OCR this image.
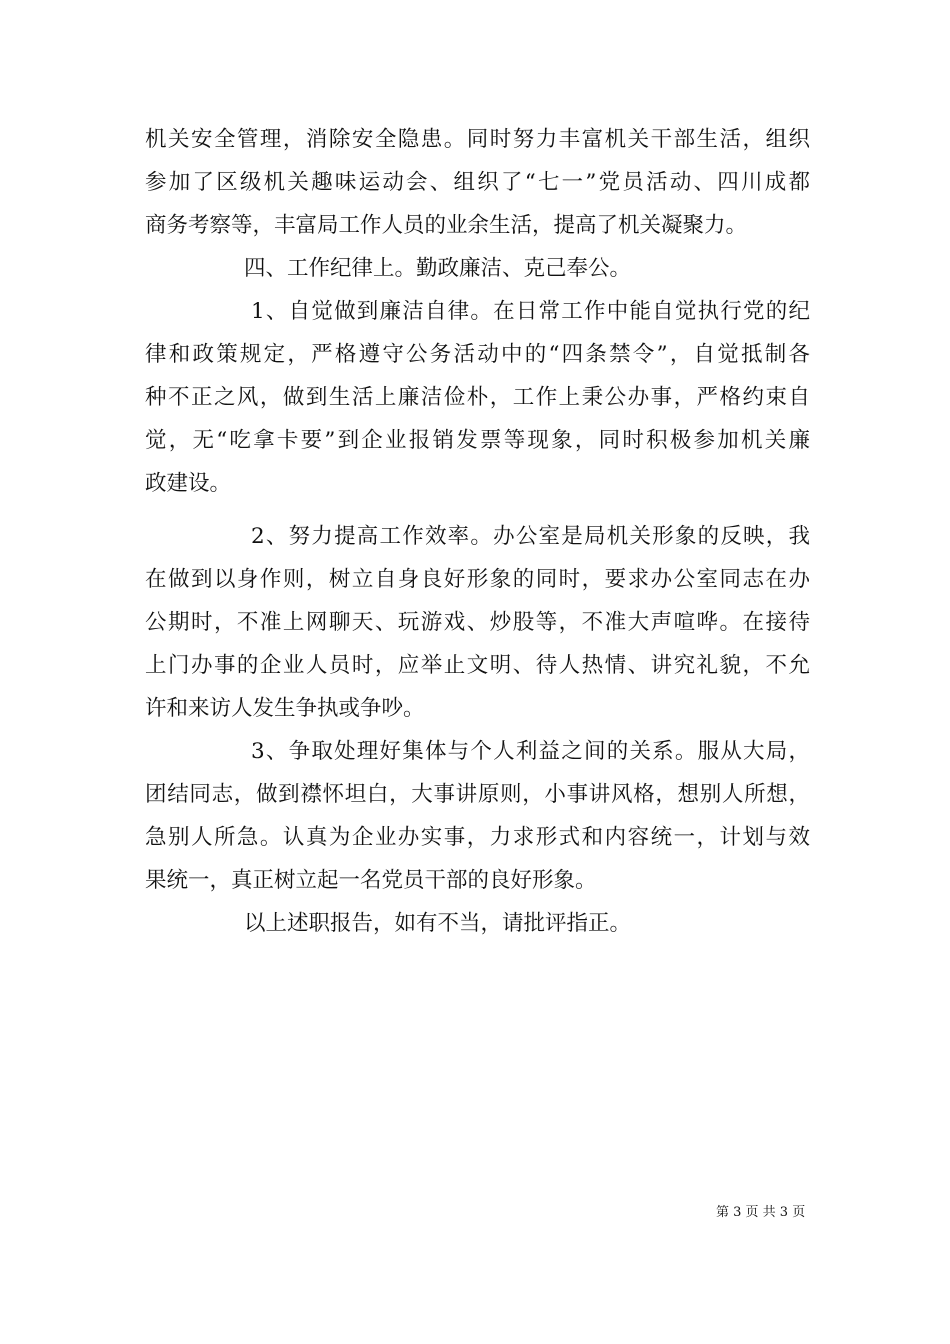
机关安全管理，消除安全隐患。同时努力丰富机关干部生活，组织
参加了区级机关趣味运动会、组织了“七一”党员活动、四川成都
商务考察等，丰富局工作人员的业余生活，提高了机关凝聚力。
四、工作纪律上。勤政廉洁、克己奉公。
1、自觉做到廉洁自律。在日常工作中能自觉执行党的纪
律和政策规定，严格遵守公务活动中的“四条禁令”，自觉抵制各
种不正之风，做到生活上廉洁俭朴，工作上秉公办事，严格约束自
觉，无“吃拿卡要”到企业报销发票等现象，同时积极参加机关廉
政建设。
2、努力提高工作效率。办公室是局机关形象的反映，我
在做到以身作则，树立自身良好形象的同时，要求办公室同志在办
公期时，不准上网聊天、玩游戏、炒股等，不准大声喧哗。在接待
上门办事的企业人员时，应举止文明、待人热情、讲究礼貌，不允
许和来访人发生争执或争吵。
3、争取处理好集体与个人利益之间的关系。服从大局，
团结同志，做到襟怀坦白，大事讲原则，小事讲风格，想别人所想，
急别人所急。认真为企业办实事，力求形式和内容统一，计划与效
果统一，真正树立起一名党员干部的良好形象。
以上述职报告，如有不当，请批评指正。
第 3 页 共 3 页
